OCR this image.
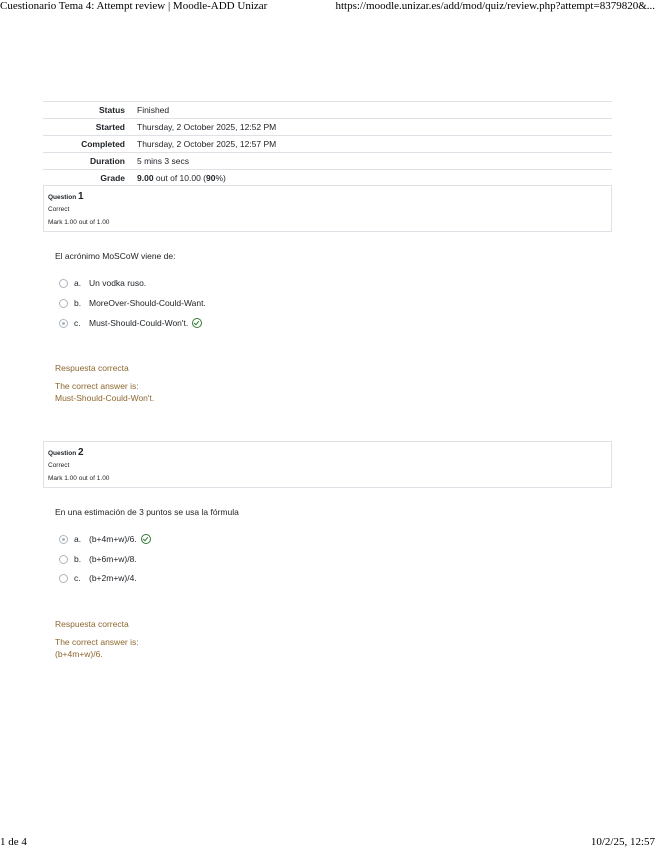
Cuestionario Tema 4: Attempt review | Moodle-ADD Unizar	https://moodle.unizar.es/add/mod/quiz/review.php?attempt=8379820&...
Status	Finished
Started	Thursday, 2 October 2025, 12:52 PM
Completed	Thursday, 2 October 2025, 12:57 PM
Duration	5 mins 3 secs
Grade	9.00 out of 10.00 (90%)
Question 1
Correct
Mark 1.00 out of 1.00
El acrónimo MoSCoW viene de:
a. Un vodka ruso.
b. MoreOver-Should-Could-Want.
c. Must-Should-Could-Won't.
Respuesta correcta
The correct answer is:
Must-Should-Could-Won't.
Question 2
Correct
Mark 1.00 out of 1.00
En una estimación de 3 puntos se usa la fórmula
a. (b+4m+w)/6.
b. (b+6m+w)/8.
c. (b+2m+w)/4.
Respuesta correcta
The correct answer is:
(b+4m+w)/6.
1 de 4	10/2/25, 12:57
